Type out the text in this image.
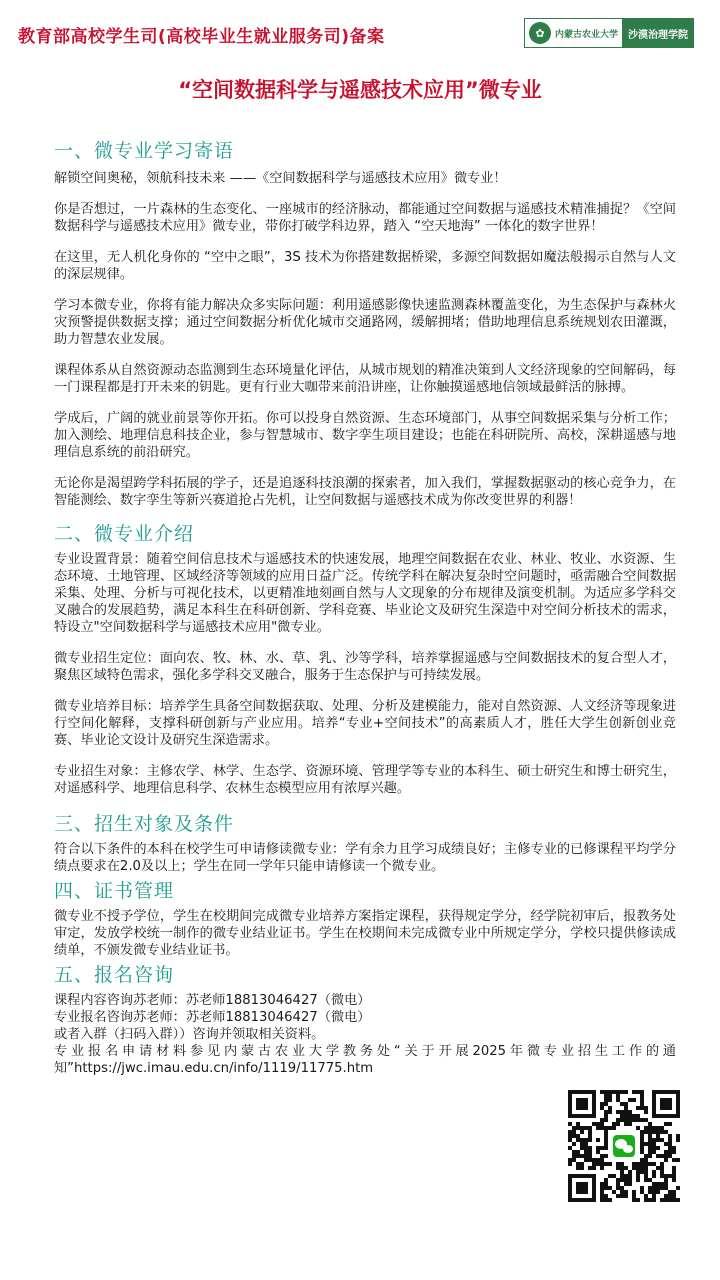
教育部高校学生司(高校毕业生就业服务司)备案	✿	内蒙古农业大学	沙漠治理学院
“空间数据科学与遥感技术应用”微专业
一、微专业学习寄语

解锁空间奥秘，领航科技未来 ——《空间数据科学与遥感技术应用》微专业！

你是否想过，一片森林的生态变化、一座城市的经济脉动，都能通过空间数据与遥感技术精准捕捉？《空间数据科学与遥感技术应用》微专业，带你打破学科边界，踏入 “空天地海” 一体化的数字世界！

在这里，无人机化身你的 “空中之眼”，3S 技术为你搭建数据桥梁，多源空间数据如魔法般揭示自然与人文的深层规律。

学习本微专业，你将有能力解决众多实际问题：利用遥感影像快速监测森林覆盖变化，为生态保护与森林火灾预警提供数据支撑；通过空间数据分析优化城市交通路网，缓解拥堵；借助地理信息系统规划农田灌溉，助力智慧农业发展。

课程体系从自然资源动态监测到生态环境量化评估，从城市规划的精准决策到人文经济现象的空间解码，每一门课程都是打开未来的钥匙。更有行业大咖带来前沿讲座，让你触摸遥感地信领域最鲜活的脉搏。

学成后，广阔的就业前景等你开拓。你可以投身自然资源、生态环境部门，从事空间数据采集与分析工作；加入测绘、地理信息科技企业，参与智慧城市、数字孪生项目建设；也能在科研院所、高校，深耕遥感与地理信息系统的前沿研究。

无论你是渴望跨学科拓展的学子，还是追逐科技浪潮的探索者，加入我们，掌握数据驱动的核心竞争力，在智能测绘、数字孪生等新兴赛道抢占先机，让空间数据与遥感技术成为你改变世界的利器！

二、微专业介绍

专业设置背景：随着空间信息技术与遥感技术的快速发展，地理空间数据在农业、林业、牧业、水资源、生态环境、土地管理、区域经济等领域的应用日益广泛。传统学科在解决复杂时空问题时，亟需融合空间数据采集、处理、分析与可视化技术，以更精准地刻画自然与人文现象的分布规律及演变机制。为适应多学科交叉融合的发展趋势，满足本科生在科研创新、学科竞赛、毕业论文及研究生深造中对空间分析技术的需求，特设立"空间数据科学与遥感技术应用"微专业。

微专业招生定位：面向农、牧、林、水、草、乳、沙等学科，培养掌握遥感与空间数据技术的复合型人才，聚焦区域特色需求，强化多学科交叉融合，服务于生态保护与可持续发展。

微专业培养目标：培养学生具备空间数据获取、处理、分析及建模能力，能对自然资源、人文经济等现象进行空间化解释，支撑科研创新与产业应用。培养“专业+空间技术”的高素质人才，胜任大学生创新创业竞赛、毕业论文设计及研究生深造需求。

专业招生对象：主修农学、林学、生态学、资源环境、管理学等专业的本科生、硕士研究生和博士研究生，对遥感科学、地理信息科学、农林生态模型应用有浓厚兴趣。

三、招生对象及条件

符合以下条件的本科在校学生可申请修读微专业：学有余力且学习成绩良好；主修专业的已修课程平均学分绩点要求在2.0及以上；学生在同一学年只能申请修读一个微专业。

四、证书管理

微专业不授予学位，学生在校期间完成微专业培养方案指定课程，获得规定学分，经学院初审后，报教务处审定，发放学校统一制作的微专业结业证书。学生在校期间未完成微专业中所规定学分，学校只提供修读成绩单，不颁发微专业结业证书。

五、报名咨询

课程内容咨询苏老师：苏老师18813046427（微电）

专业报名咨询苏老师：苏老师18813046427（微电）

或者入群（扫码入群））咨询并领取相关资料。

专业报名申请材料参见内蒙古农业大学教务处“关于开展2025年微专业招生工作的通知”https://jwc.imau.edu.cn/info/1119/11775.htm
